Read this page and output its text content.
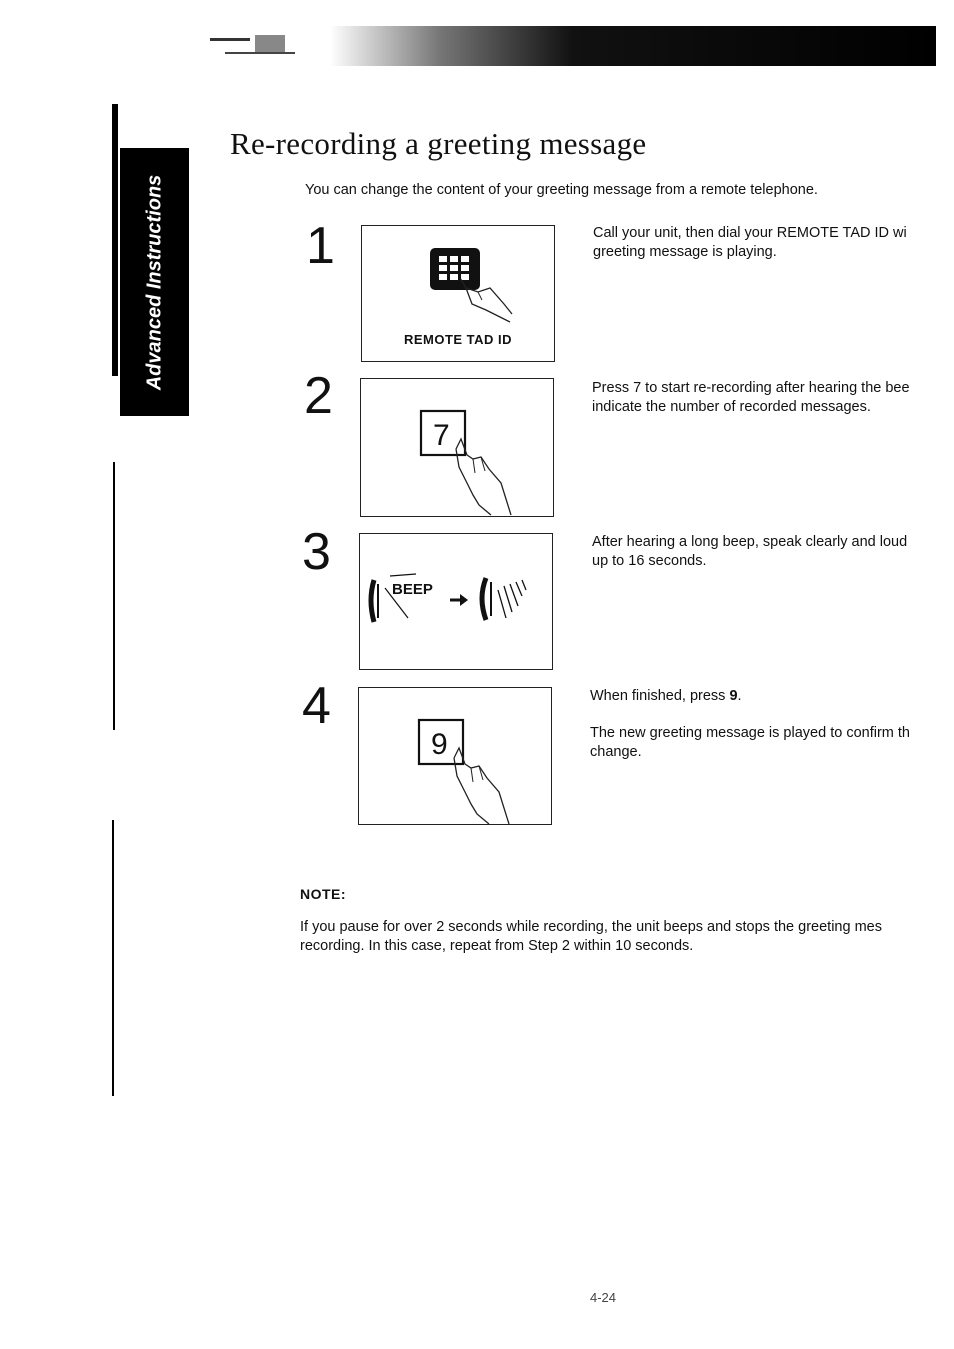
Advanced Instructions
Re-recording a greeting message
You can change the content of your greeting message from a remote telephone.
1
REMOTE TAD ID

Call your unit, then dial your REMOTE TAD ID wi

greeting message is playing.

2
7

Press 7 to start re-recording after hearing the bee

indicate the number of recorded messages.

3
BEEP

After hearing a long beep, speak clearly and loud

up to 16 seconds.

4
9

When finished, press 9.

The new greeting message is played to confirm th

change.

NOTE:

If you pause for over 2 seconds while recording, the unit beeps and stops the greeting mes

recording. In this case, repeat from Step 2 within 10 seconds.

4-24
